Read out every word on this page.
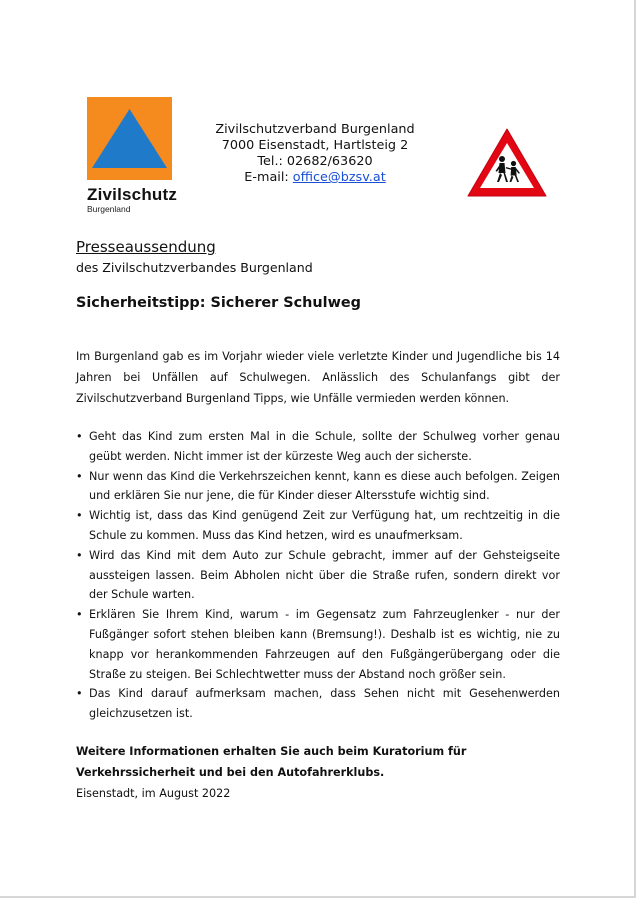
Zivilschutz
Burgenland
Zivilschutzverband Burgenland
7000 Eisenstadt, Hartlsteig 2
Tel.: 02682/63620
E-mail: office@bzsv.at

Presseaussendung

des Zivilschutzverbandes Burgenland

Sicherheitstipp: Sicherer Schulweg

Im Burgenland gab es im Vorjahr wieder viele verletzte Kinder und Jugendliche bis 14 Jahren bei Unfällen auf Schulwegen. Anlässlich des Schulanfangs gibt der Zivilschutzverband Burgenland Tipps, wie Unfälle vermieden werden können.

• Geht das Kind zum ersten Mal in die Schule, sollte der Schulweg vorher genau geübt werden. Nicht immer ist der kürzeste Weg auch der sicherste.
• Nur wenn das Kind die Verkehrszeichen kennt, kann es diese auch befolgen. Zeigen und erklären Sie nur jene, die für Kinder dieser Altersstufe wichtig sind.
• Wichtig ist, dass das Kind genügend Zeit zur Verfügung hat, um rechtzeitig in die Schule zu kommen. Muss das Kind hetzen, wird es unaufmerksam.
• Wird das Kind mit dem Auto zur Schule gebracht, immer auf der Gehsteigseite aussteigen lassen. Beim Abholen nicht über die Straße rufen, sondern direkt vor der Schule warten.
• Erklären Sie Ihrem Kind, warum - im Gegensatz zum Fahrzeuglenker - nur der Fußgänger sofort stehen bleiben kann (Bremsung!). Deshalb ist es wichtig, nie zu knapp vor herankommenden Fahrzeugen auf den Fußgängerübergang oder die Straße zu steigen. Bei Schlechtwetter muss der Abstand noch größer sein.
• Das Kind darauf aufmerksam machen, dass Sehen nicht mit Gesehenwerden gleichzusetzen ist.

Weitere Informationen erhalten Sie auch beim Kuratorium für Verkehrssicherheit und bei den Autofahrerklubs.

Eisenstadt, im August 2022
